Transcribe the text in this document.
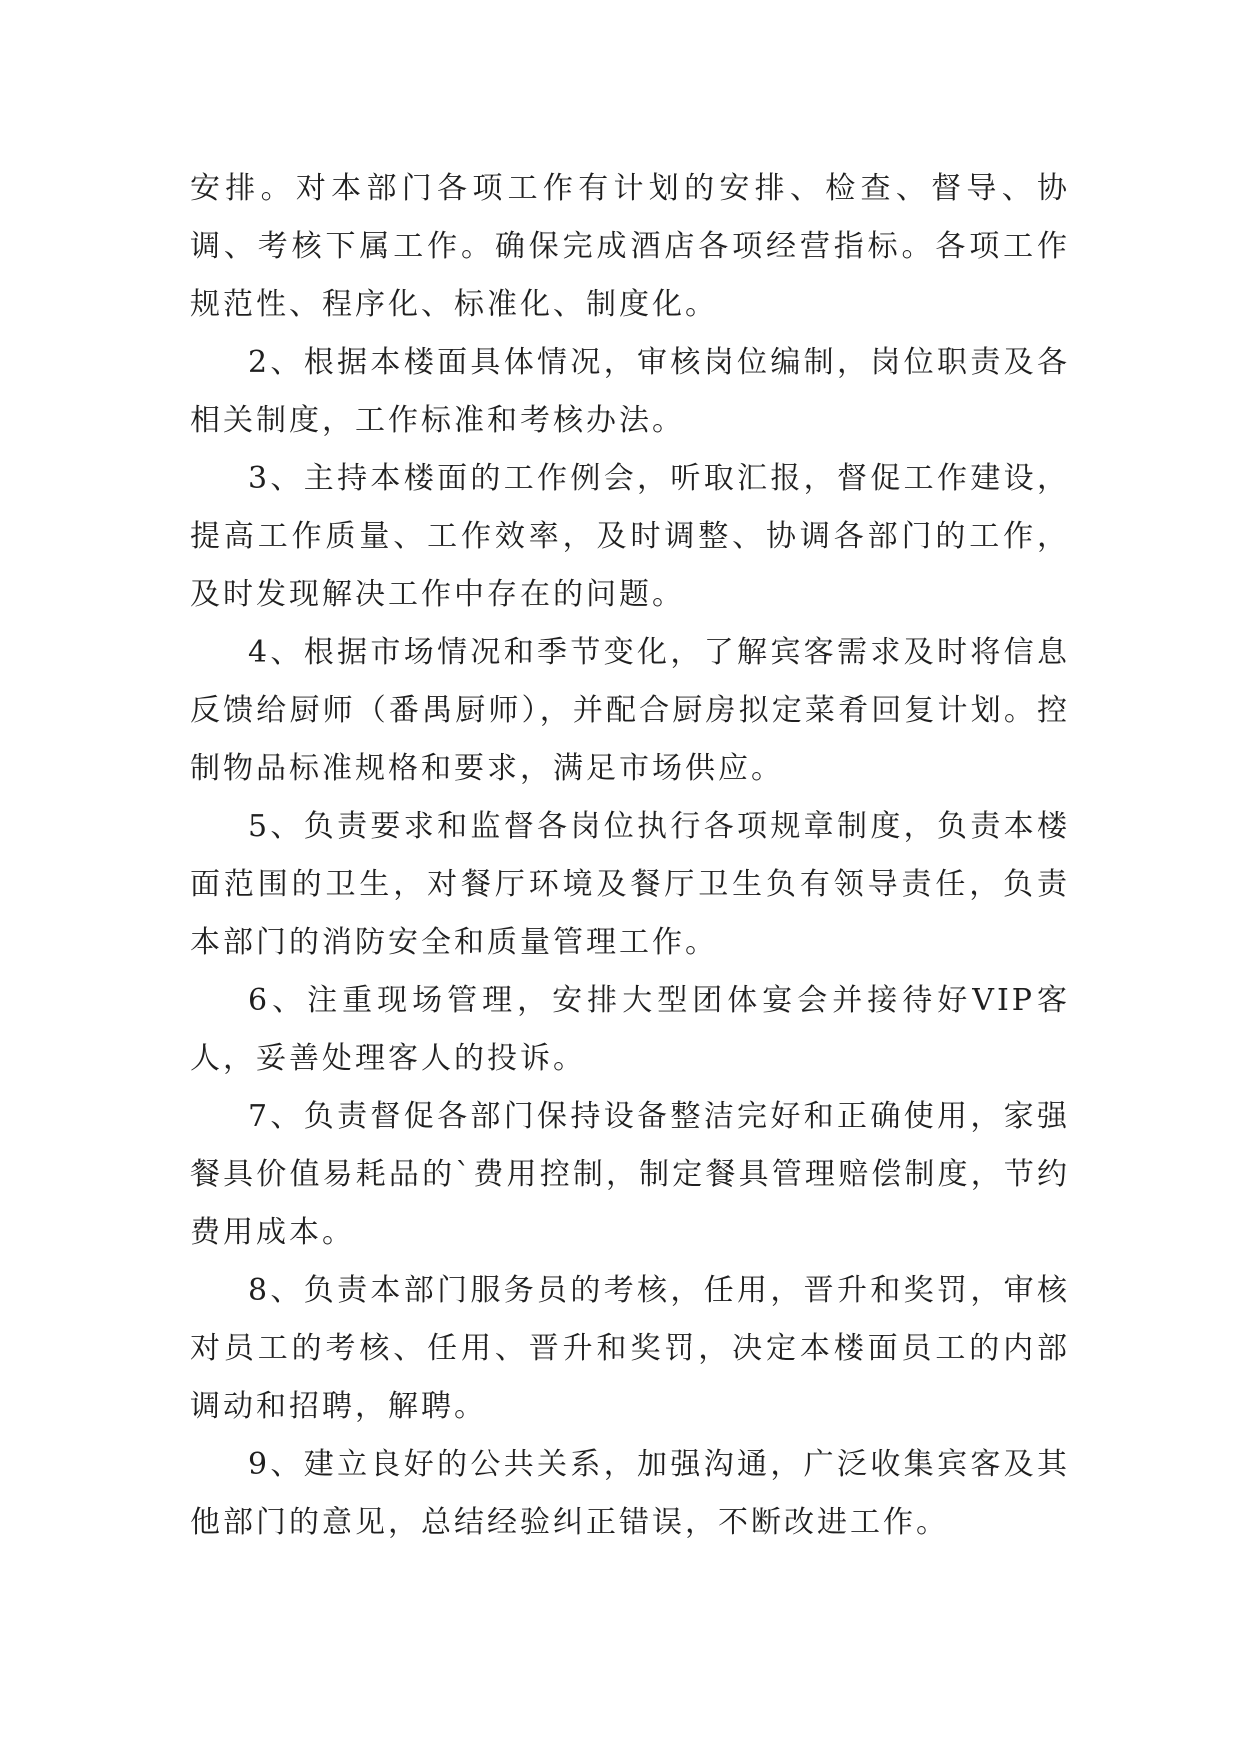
安排。对本部门各项工作有计划的安排、检查、督导、协调、考核下属工作。确保完成酒店各项经营指标。各项工作规范性、程序化、标准化、制度化。

2、根据本楼面具体情况，审核岗位编制，岗位职责及各相关制度，工作标准和考核办法。

3、主持本楼面的工作例会，听取汇报，督促工作建设，提高工作质量、工作效率，及时调整、协调各部门的工作，及时发现解决工作中存在的问题。

4、根据市场情况和季节变化，了解宾客需求及时将信息反馈给厨师（番禺厨师），并配合厨房拟定菜肴回复计划。控制物品标准规格和要求，满足市场供应。

5、负责要求和监督各岗位执行各项规章制度，负责本楼面范围的卫生，对餐厅环境及餐厅卫生负有领导责任，负责本部门的消防安全和质量管理工作。

6、注重现场管理，安排大型团体宴会并接待好VIP客人，妥善处理客人的投诉。

7、负责督促各部门保持设备整洁完好和正确使用，家强餐具价值易耗品的`费用控制，制定餐具管理赔偿制度，节约费用成本。

8、负责本部门服务员的考核，任用，晋升和奖罚，审核对员工的考核、任用、晋升和奖罚，决定本楼面员工的内部调动和招聘，解聘。

9、建立良好的公共关系，加强沟通，广泛收集宾客及其他部门的意见，总结经验纠正错误，不断改进工作。
